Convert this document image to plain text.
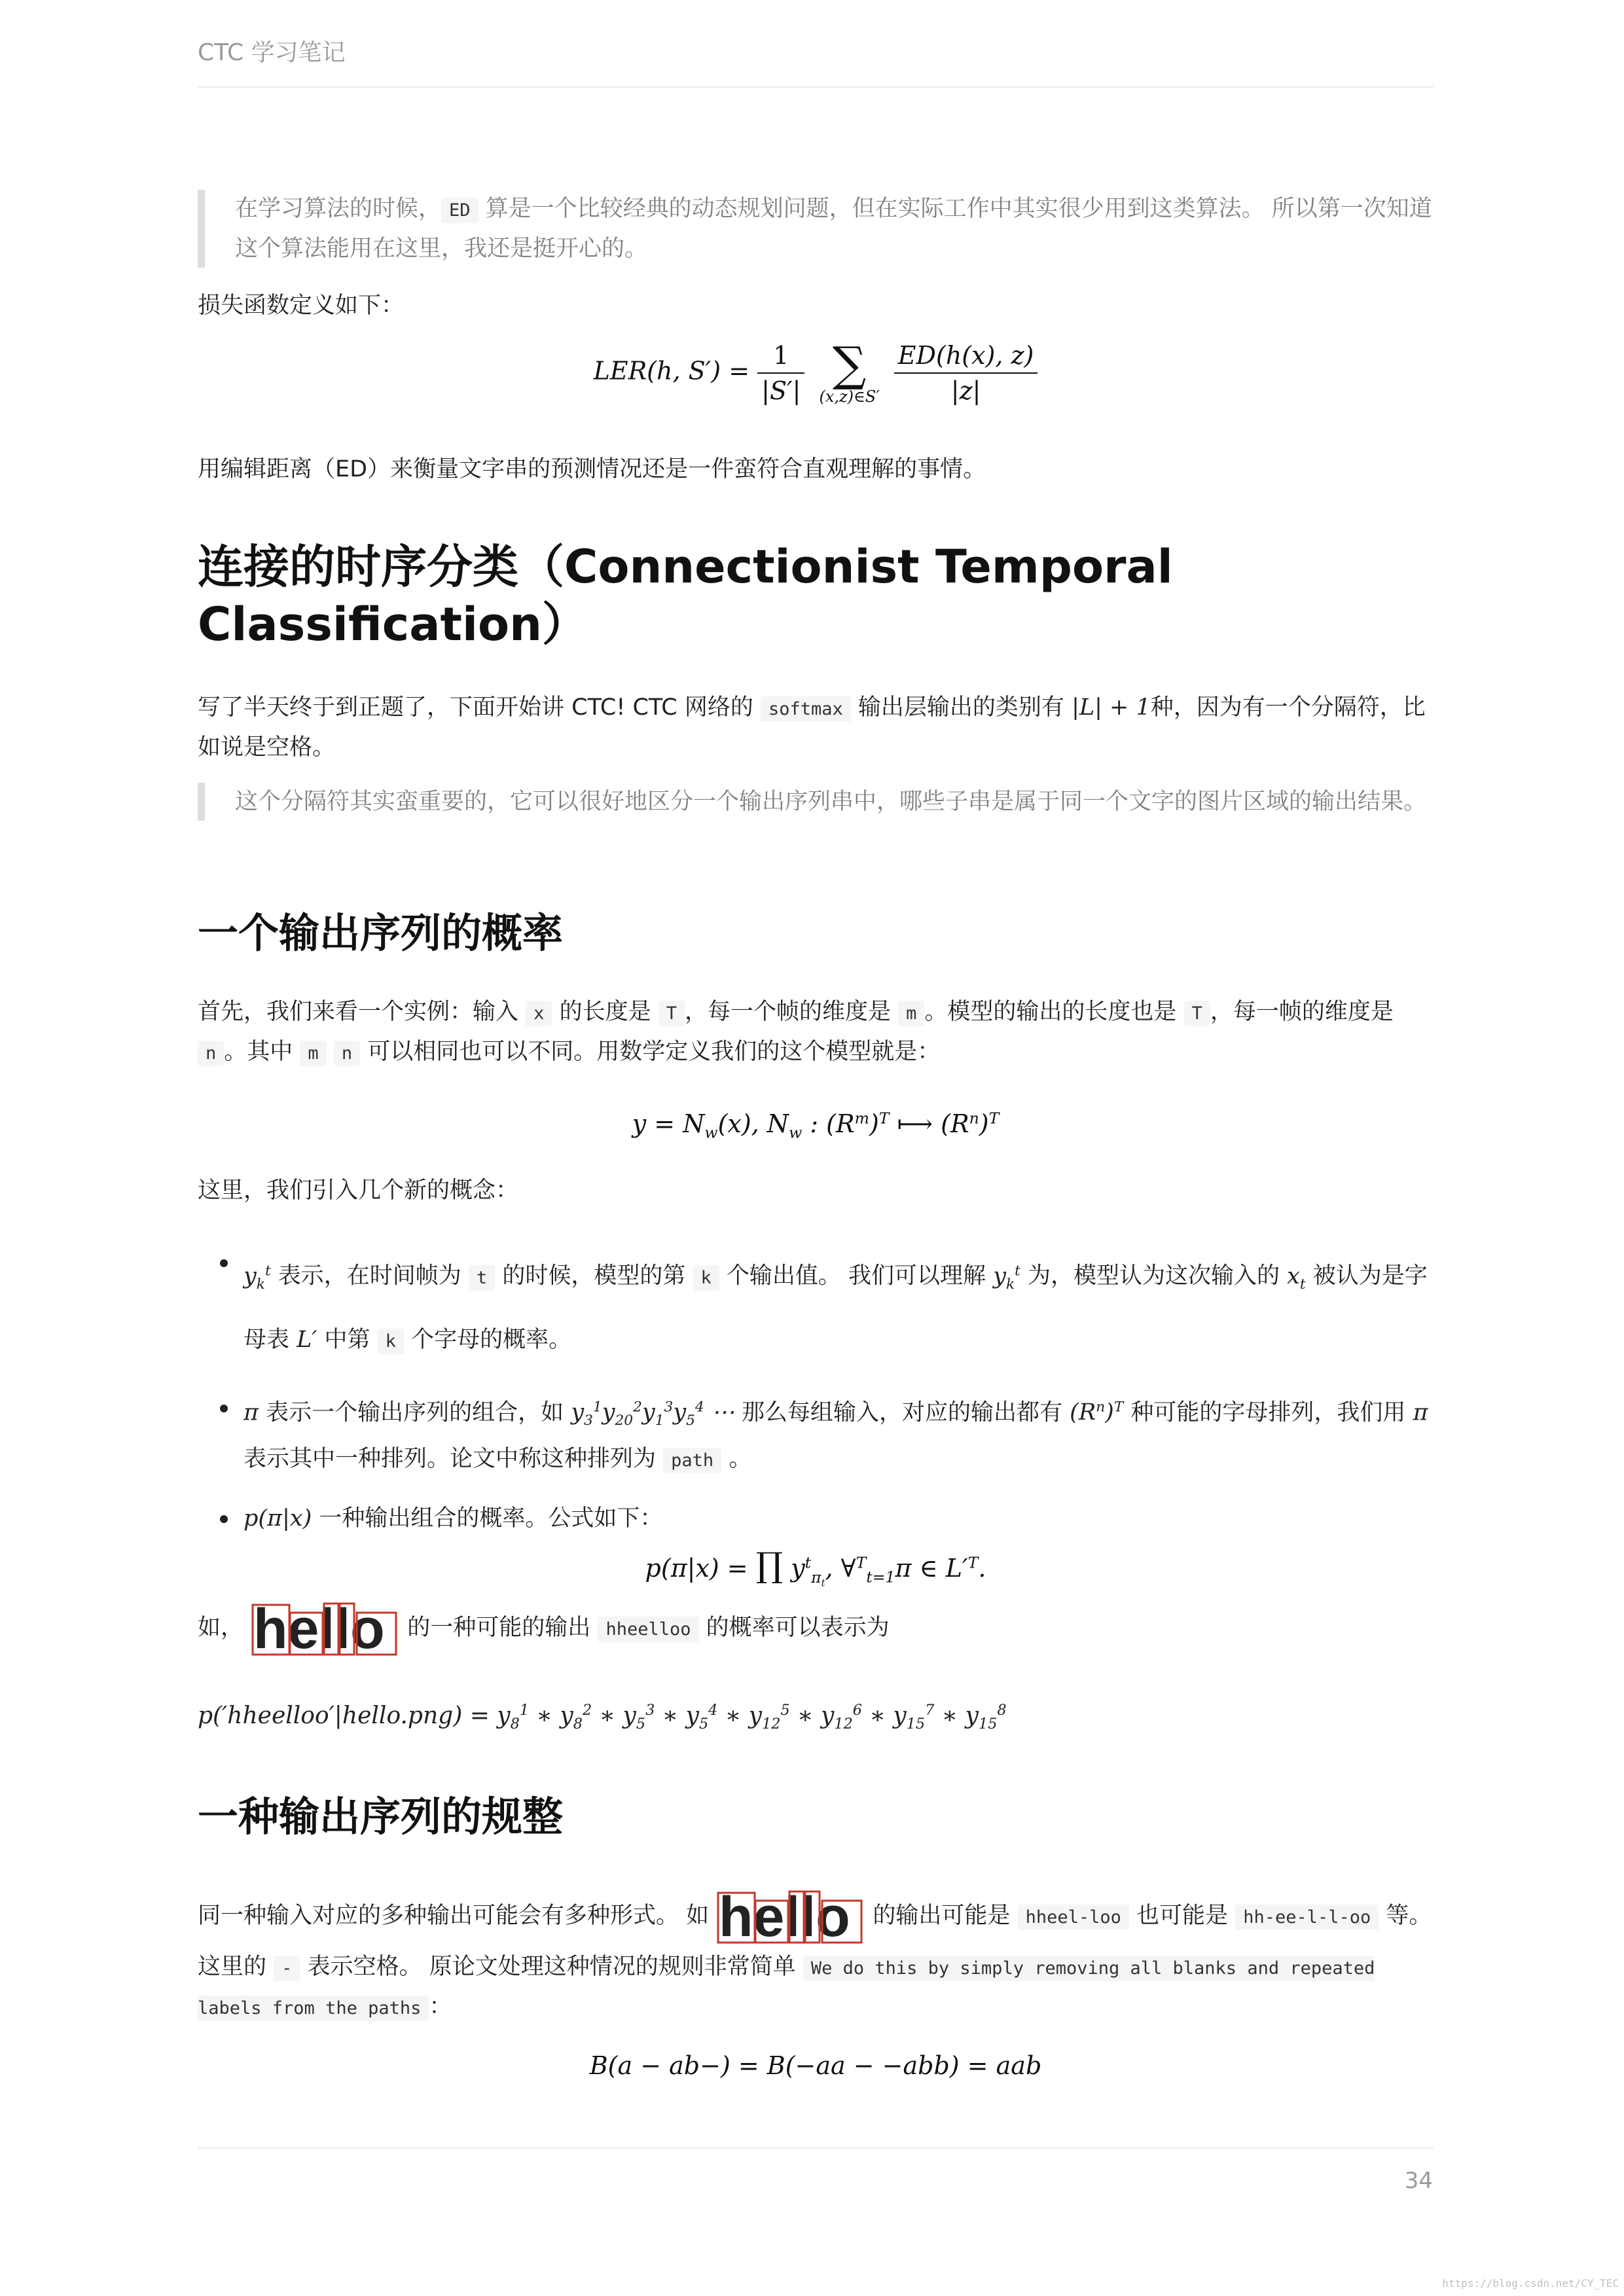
CTC 学习笔记
在学习算法的时候， ED 算是一个比较经典的动态规划问题，但在实际工作中其实很少用到这类算法。 所以第一次知道这个算法能用在这里，我还是挺开心的。
损失函数定义如下：
LER(h, $S') = \frac{1}{|S'|}$
∑
(x,z)∈S′
$\frac{ED(h(x), z)}{|z|}$
用编辑距离（ED）来衡量文字串的预测情况还是一件蛮符合直观理解的事情。
连接的时序分类（Connectionist Temporal Classification）
写了半天终于到正题了，下面开始讲 CTC! CTC 网络的 softmax 输出层输出的类别有 |L| + 1种，因为有一个分隔符，比如说是空格。
这个分隔符其实蛮重要的，它可以很好地区分一个输出序列串中，哪些子串是属于同一个文字的图片区域的输出结果。
一个输出序列的概率
首先，我们来看一个实例：输入 x 的长度是 T ，每一个帧的维度是 m 。模型的输出的长度也是 T ，每一帧的维度是 n 。其中 m n 可以相同也可以不同。用数学定义我们的这个模型就是：
$y = N_w(x)$, $N_w$ : $(R^m)^T$ ⟼ $(R^n)^T$
这里，我们引入几个新的概念：
$y_k^t$ 表示，在时间帧为 t 的时候，模型的第 k 个输出值。 我们可以理解 $y_k^t$ 为，模型认为这次输入的 $x_t$ 被认为是字母表 L′ 中第 k 个字母的概率。
π 表示一个输出序列的组合，如 $y_3^1y_{20}^2y_1^3y_5^4$ ⋯ 那么每组输入，对应的输出都有 $(R^n)^T$ 种可能的字母排列，我们用 π 表示其中一种排列。论文中称这种排列为 path 。
p(π|x) 一种输出组合的概率。公式如下：
p(π|x) = ∏ $y^t_{\pi_t}$, ∀$^T_{t=1}$π ∈ $L'^T$.
如， hello 的一种可能的输出 hheelloo 的概率可以表示为
p(′hheelloo′|hello.png) = $y_8^1$ ∗ $y_8^2$ ∗ $y_5^3$ ∗ $y_5^4$ ∗ $y_{12}^5$ ∗ $y_{12}^6$ ∗ $y_{15}^7$ ∗ $y_{15}^8$
一种输出序列的规整
同一种输入对应的多种输出可能会有多种形式。 如 hello 的输出可能是 hheel-loo 也可能是 hh-ee-l-l-oo 等。这里的 - 表示空格。 原论文处理这种情况的规则非常简单 We do this by simply removing all blanks and repeated labels from the paths ：
B(a − ab−) = B(−aa − −abb) = aab
34
https://blog.csdn.net/CY_TEC
